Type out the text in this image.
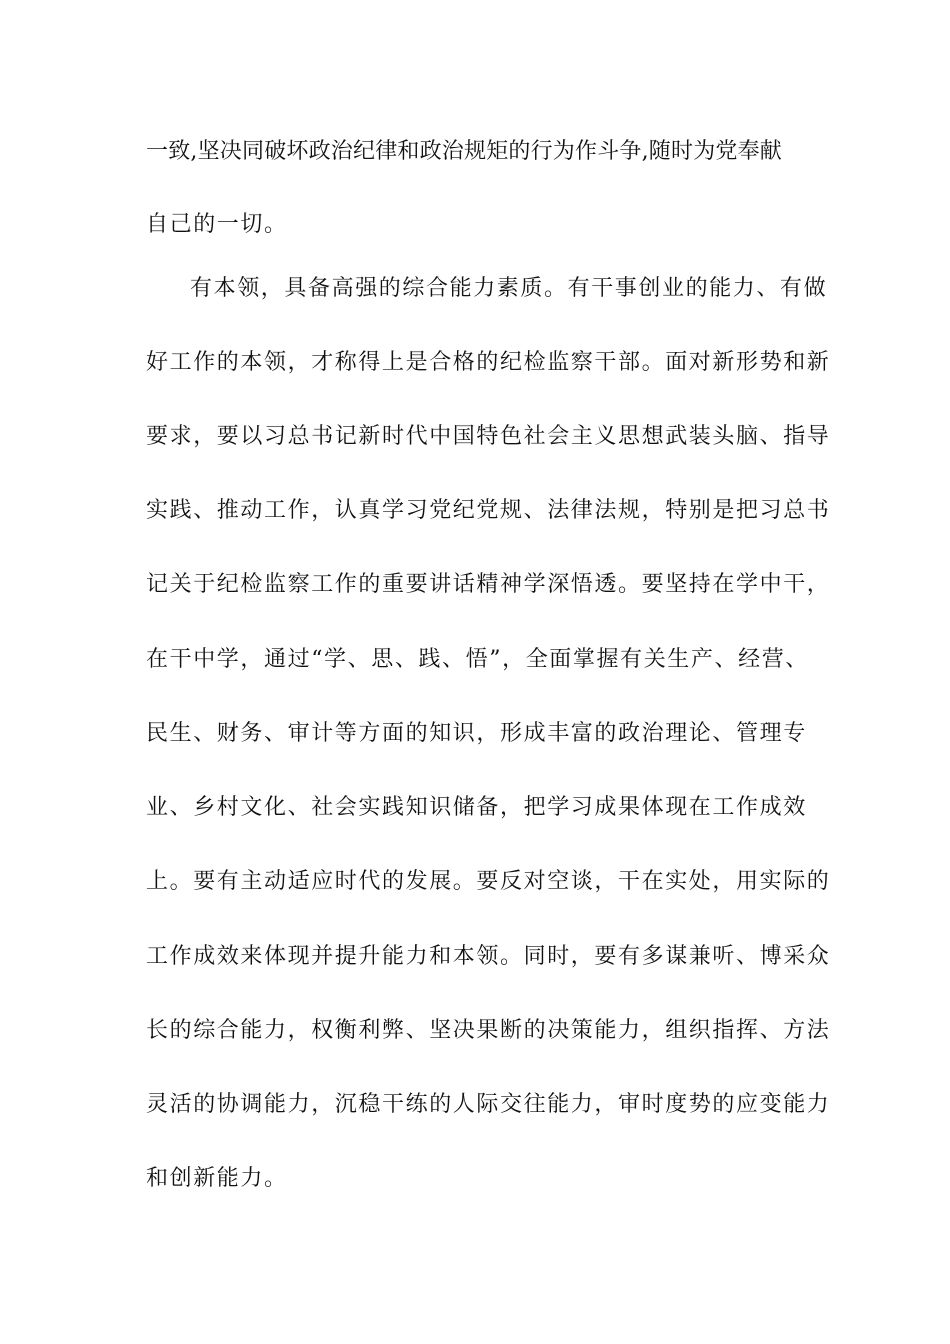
一致,坚决同破坏政治纪律和政治规矩的行为作斗争,随时为党奉献
自己的一切。
有本领，具备高强的综合能力素质。有干事创业的能力、有做
好工作的本领，才称得上是合格的纪检监察干部。面对新形势和新
要求，要以习总书记新时代中国特色社会主义思想武装头脑、指导
实践、推动工作，认真学习党纪党规、法律法规，特别是把习总书
记关于纪检监察工作的重要讲话精神学深悟透。要坚持在学中干，
在干中学，通过“学、思、践、悟”，全面掌握有关生产、经营、
民生、财务、审计等方面的知识，形成丰富的政治理论、管理专
业、乡村文化、社会实践知识储备，把学习成果体现在工作成效
上。要有主动适应时代的发展。要反对空谈，干在实处，用实际的
工作成效来体现并提升能力和本领。同时，要有多谋兼听、博采众
长的综合能力，权衡利弊、坚决果断的决策能力，组织指挥、方法
灵活的协调能力，沉稳干练的人际交往能力，审时度势的应变能力
和创新能力。
